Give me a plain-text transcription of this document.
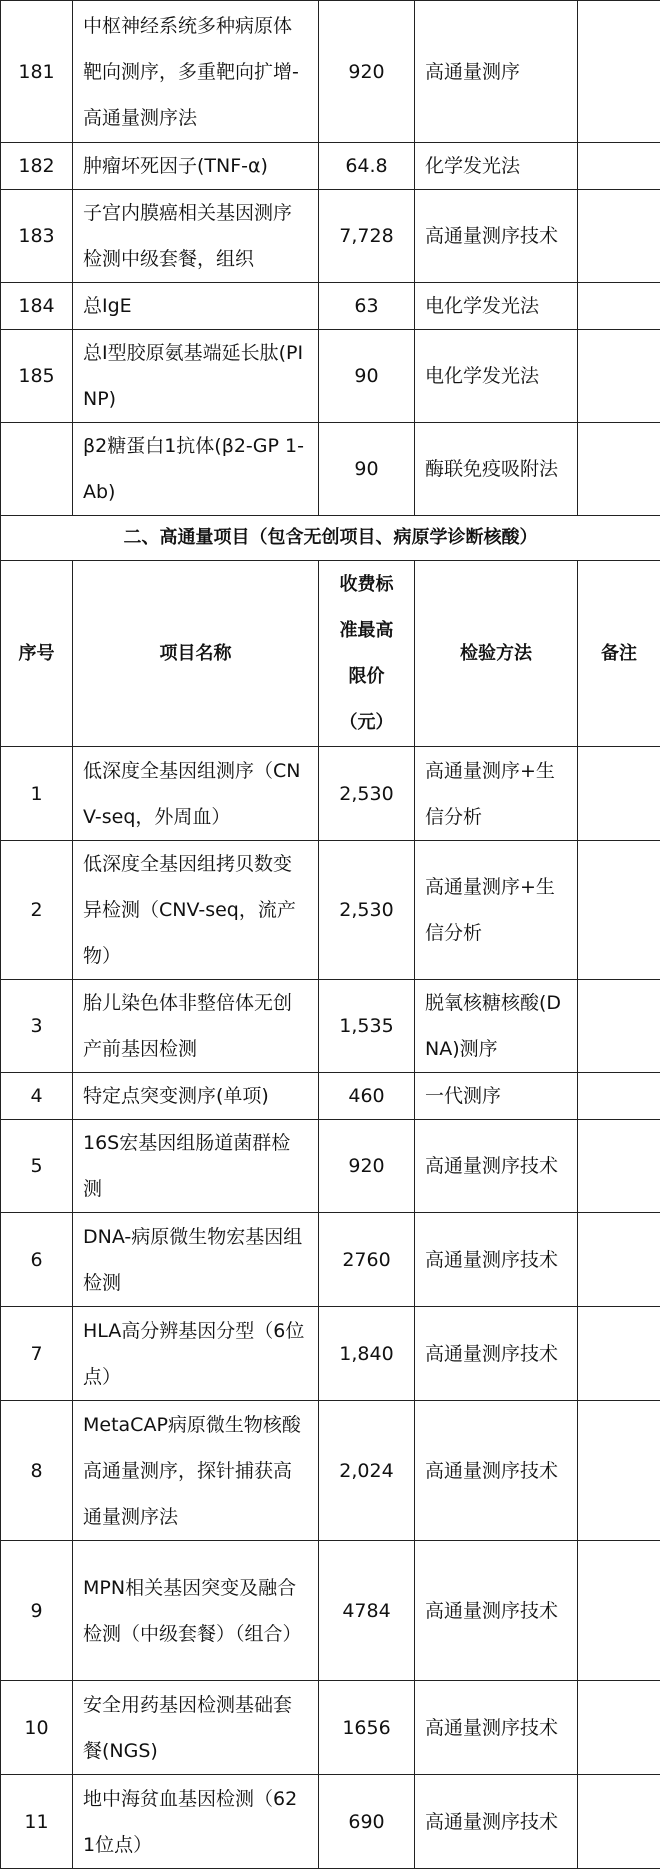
181	中枢神经系统多种病原体靶向测序，多重靶向扩增-高通量测序法	920	高通量测序	

182	肿瘤坏死因子(TNF-α)	64.8	化学发光法	

183	子宫内膜癌相关基因测序检测中级套餐，组织	7,728	高通量测序技术	

184	总IgE	63	电化学发光法	

185	总I型胶原氨基端延长肽(PINP)	90	电化学发光法	

	β2糖蛋白1抗体(β2-GP 1-Ab)	90	酶联免疫吸附法	

二、高通量项目（包含无创项目、病原学诊断核酸）				

序号	项目名称	收费标准最高限价（元）	检验方法	备注

1	低深度全基因组测序（CNV-seq，外周血）	2,530	高通量测序+生信分析	

2	低深度全基因组拷贝数变异检测（CNV-seq，流产物）	2,530	高通量测序+生信分析	

3	胎儿染色体非整倍体无创产前基因检测	1,535	脱氧核糖核酸(DNA)测序	

4	特定点突变测序(单项)	460	一代测序	

5	16S宏基因组肠道菌群检测	920	高通量测序技术	

6	DNA-病原微生物宏基因组检测	2760	高通量测序技术	

7	HLA高分辨基因分型（6位点）	1,840	高通量测序技术	

8	MetaCAP病原微生物核酸高通量测序，探针捕获高通量测序法	2,024	高通量测序技术	

9	MPN相关基因突变及融合检测（中级套餐）（组合）	4784	高通量测序技术	

10	安全用药基因检测基础套餐(NGS)	1656	高通量测序技术	

11	地中海贫血基因检测（621位点）	690	高通量测序技术	
